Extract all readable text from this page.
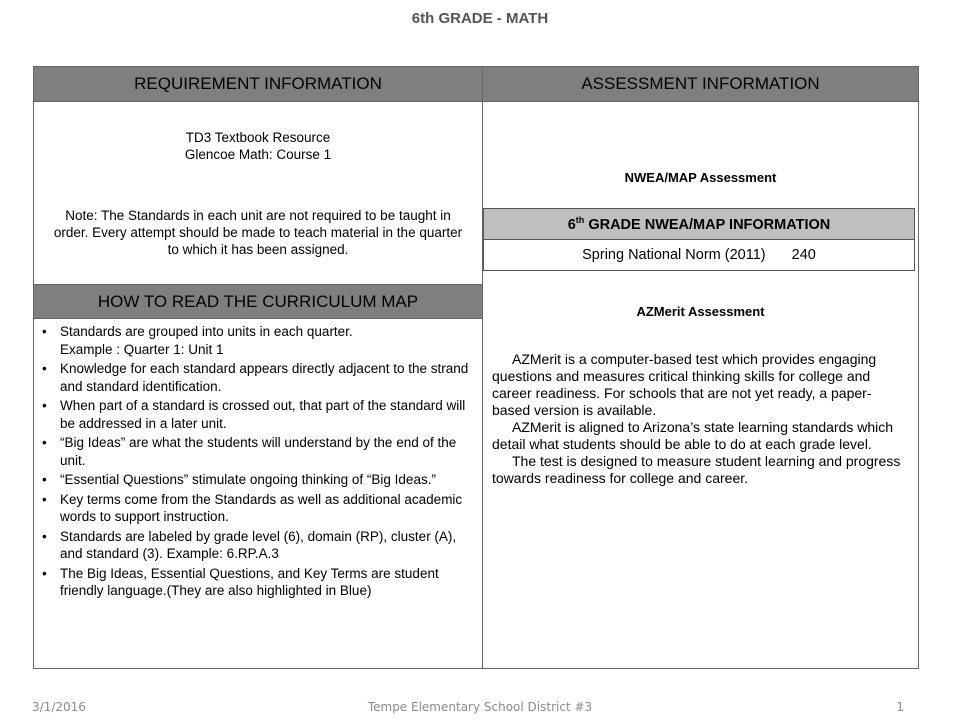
6th GRADE - MATH
REQUIREMENT INFORMATION	ASSESSMENT INFORMATION
TD3 Textbook Resource
Glencoe Math: Course 1
Note: The Standards in each unit are not required to be taught in order. Every attempt should be made to teach material in the quarter to which it has been assigned.
HOW TO READ THE CURRICULUM MAP
• Standards are grouped into units in each quarter.
Example : Quarter 1: Unit 1
• Knowledge for each standard appears directly adjacent to the strand and standard identification.
• When part of a standard is crossed out, that part of the standard will be addressed in a later unit.
• “Big Ideas” are what the students will understand by the end of the unit.
• “Essential Questions” stimulate ongoing thinking of “Big Ideas.”
• Key terms come from the Standards as well as additional academic words to support instruction.
• Standards are labeled by grade level (6), domain (RP), cluster (A), and standard (3). Example: 6.RP.A.3
• The Big Ideas, Essential Questions, and Key Terms are student friendly language.(They are also highlighted in Blue)
NWEA/MAP Assessment
AZMerit Assessment

AZMerit is a computer-based test which provides engaging questions and measures critical thinking skills for college and career readiness. For schools that are not yet ready, a paper-based version is available.

AZMerit is aligned to Arizona’s state learning standards which detail what students should be able to do at each grade level.

The test is designed to measure student learning and progress towards readiness for college and career.

6th GRADE NWEA/MAP INFORMATION
Spring National Norm (2011) 240
3/1/2016	Tempe Elementary School District #3	1
